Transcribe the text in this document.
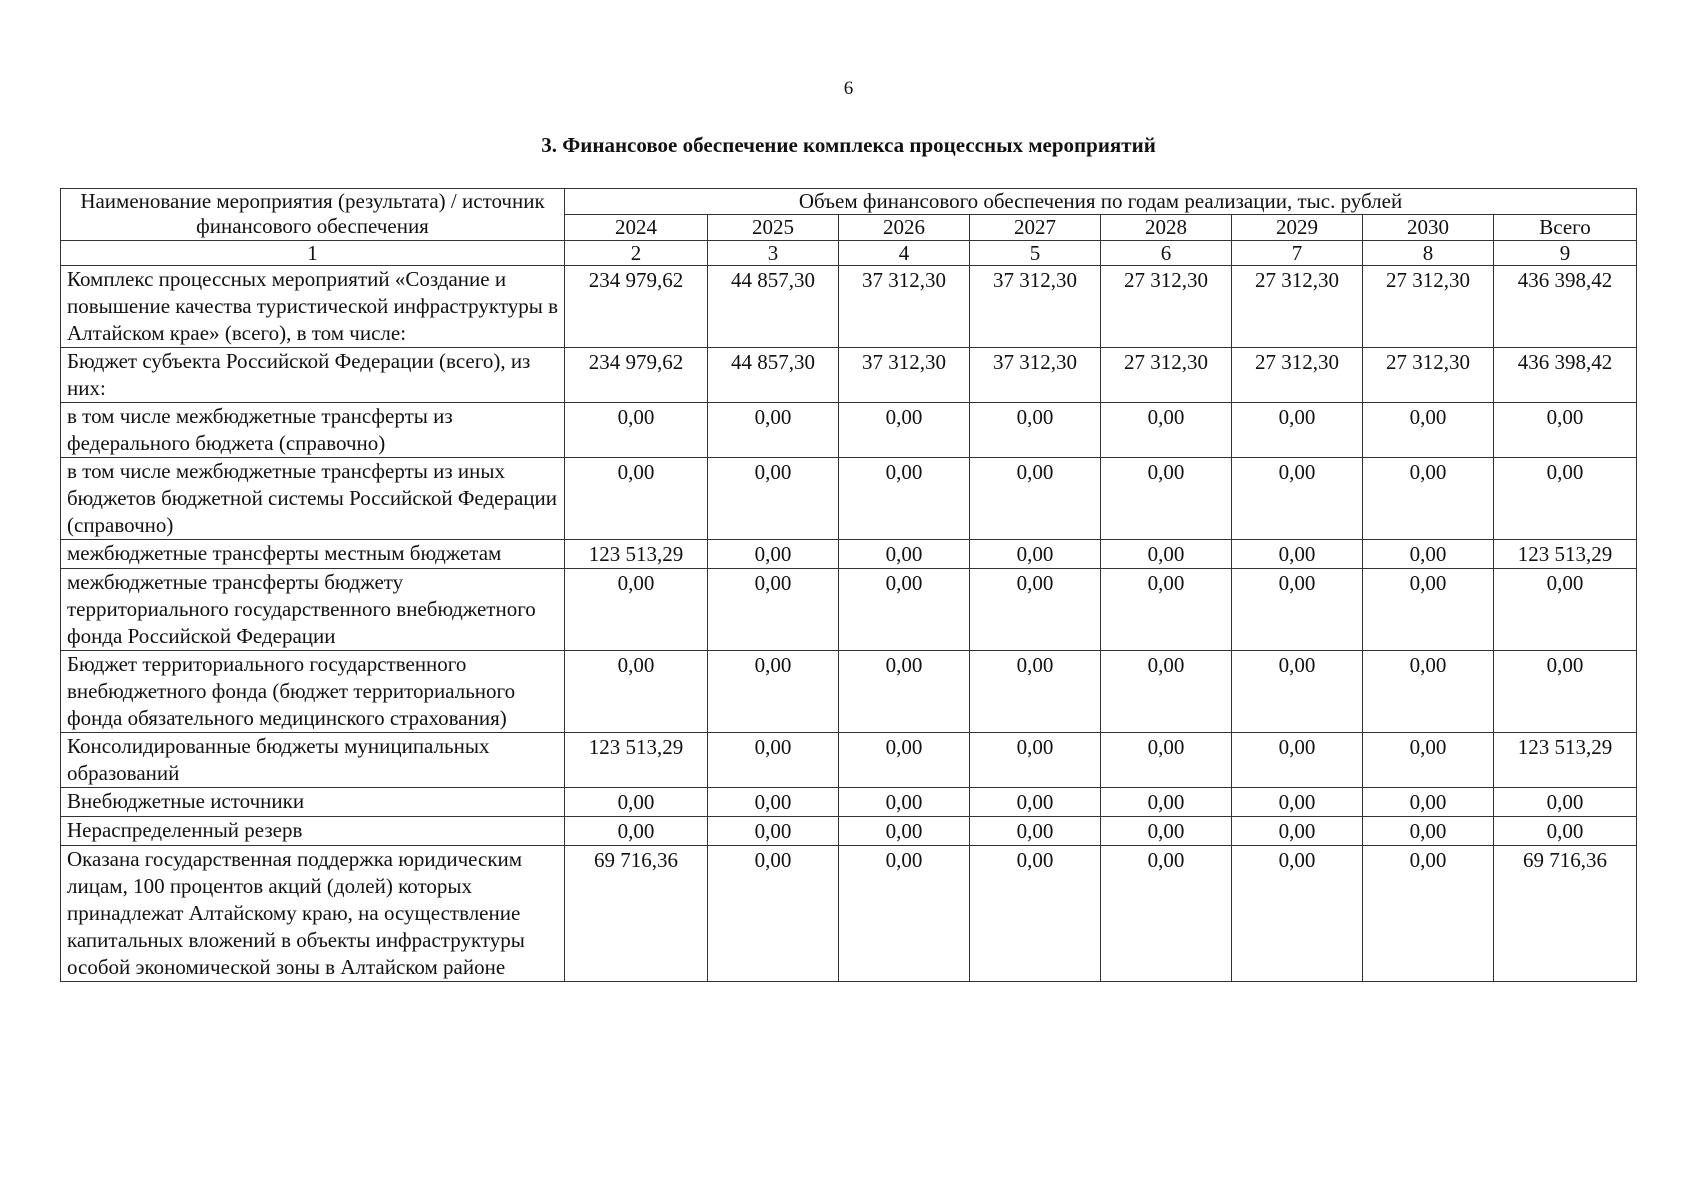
6
3. Финансовое обеспечение комплекса процессных мероприятий
Наименование мероприятия (результата) / источник финансового обеспечения	Объем финансового обеспечения по годам реализации, тыс. рублей							
	2024	2025	2026	2027	2028	2029	2030	Всего
1	2	3	4	5	6	7	8	9
Комплекс процессных мероприятий «Создание и повышение качества туристической инфраструктуры в Алтайском крае» (всего), в том числе:	234 979,62	44 857,30	37 312,30	37 312,30	27 312,30	27 312,30	27 312,30	436 398,42
Бюджет субъекта Российской Федерации (всего), из них:	234 979,62	44 857,30	37 312,30	37 312,30	27 312,30	27 312,30	27 312,30	436 398,42
в том числе межбюджетные трансферты из федерального бюджета (справочно)	0,00	0,00	0,00	0,00	0,00	0,00	0,00	0,00
в том числе межбюджетные трансферты из иных бюджетов бюджетной системы Российской Федерации (справочно)	0,00	0,00	0,00	0,00	0,00	0,00	0,00	0,00
межбюджетные трансферты местным бюджетам	123 513,29	0,00	0,00	0,00	0,00	0,00	0,00	123 513,29
межбюджетные трансферты бюджету территориального государственного внебюджетного фонда Российской Федерации	0,00	0,00	0,00	0,00	0,00	0,00	0,00	0,00
Бюджет территориального государственного внебюджетного фонда (бюджет территориального фонда обязательного медицинского страхования)	0,00	0,00	0,00	0,00	0,00	0,00	0,00	0,00
Консолидированные бюджеты муниципальных образований	123 513,29	0,00	0,00	0,00	0,00	0,00	0,00	123 513,29
Внебюджетные источники	0,00	0,00	0,00	0,00	0,00	0,00	0,00	0,00
Нераспределенный резерв	0,00	0,00	0,00	0,00	0,00	0,00	0,00	0,00
Оказана государственная поддержка юридическим лицам, 100 процентов акций (долей) которых принадлежат Алтайскому краю, на осуществление капитальных вложений в объекты инфраструктуры особой экономической зоны в Алтайском районе	69 716,36	0,00	0,00	0,00	0,00	0,00	0,00	69 716,36
